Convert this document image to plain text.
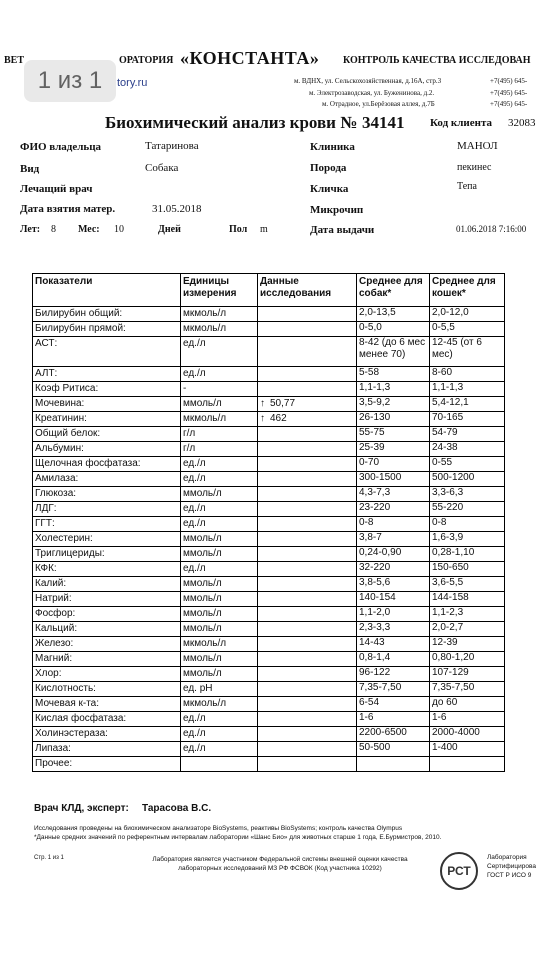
ВЕТ	ОРАТОРИЯ «КОНСТАНТА» КОНТРОЛЬ КАЧЕСТВА ИССЛЕДОВАН
tory.ru	м. ВДНХ, ул. Сельскохозяйственная, д.16А, стр.3	+7(495) 645-
м. Электрозаводская, ул. Буженинова, д.2.	+7(495) 645-
м. Отрадное, ул.Берёзовая аллея, д.7Б	+7(495) 645-
1 из 1
Биохимический анализ крови № 34141 Код клиента 32083
ФИО владельца	Татаринова	Клиника	МАНОЛ
Вид	Собака	Порода	пекинес
Лечащий врач	Кличка	Тепа
Дата взятия матер.	31.05.2018	Микрочип
Лет: 8 Мес: 10	Дней	Пол m	Дата выдачи	01.06.2018 7:16:00
Показатели	Единицы измерения	Данные исследования	Среднее для собак*	Среднее для кошек*
Билирубин общий:	мкмоль/л		2,0-13,5	2,0-12,0
Билирубин прямой:	мкмоль/л		0-5,0	0-5,5
АСТ:	ед./л		8-42 (до 6 мес менее 70)	12-45 (от 6 мес)
АЛТ:	ед./л		5-58	8-60
Коэф Ритиса:	-		1,1-1,3	1,1-1,3
Мочевина:	ммоль/л	↑ 50,77	3,5-9,2	5,4-12,1
Креатинин:	мкмоль/л	↑ 462	26-130	70-165
Общий белок:	г/л		55-75	54-79
Альбумин:	г/л		25-39	24-38
Щелочная фосфатаза:	ед./л		0-70	0-55
Амилаза:	ед./л		300-1500	500-1200
Глюкоза:	ммоль/л		4,3-7,3	3,3-6,3
ЛДГ:	ед./л		23-220	55-220
ГГТ:	ед./л		0-8	0-8
Холестерин:	ммоль/л		3,8-7	1,6-3,9
Триглицериды:	ммоль/л		0,24-0,90	0,28-1,10
КФК:	ед./л		32-220	150-650
Калий:	ммоль/л		3,8-5,6	3,6-5,5
Натрий:	ммоль/л		140-154	144-158
Фосфор:	ммоль/л		1,1-2,0	1,1-2,3
Кальций:	ммоль/л		2,3-3,3	2,0-2,7
Железо:	мкмоль/л		14-43	12-39
Магний:	ммоль/л		0,8-1,4	0,80-1,20
Хлор:	ммоль/л		96-122	107-129
Кислотность:	ед. pH		7,35-7,50	7,35-7,50
Мочевая к-та:	мкмоль/л		6-54	до 60
Кислая фосфатаза:	ед./л		1-6	1-6
Холинэстераза:	ед./л		2200-6500	2000-4000
Липаза:	ед./л		50-500	1-400
Прочее:				
Врач КЛД, эксперт: Тарасова В.С.
Исследования проведены на биохимическом анализаторе BioSystems, реактивы BioSystems; контроль качества Olympus
*Данные средних значений по референтным интервалам лаборатории «Шанс Био» для животных старше 1 года, Е.Бурмистров, 2010.
Стр. 1 из 1	Лаборатория является участником Федеральной системы внешней оценки качества лабораторных исследований МЗ РФ ФСВОК (Код участника 10292)	РСТ
Лаборатория
Сертифицирова
ГОСТ Р ИСО 9
